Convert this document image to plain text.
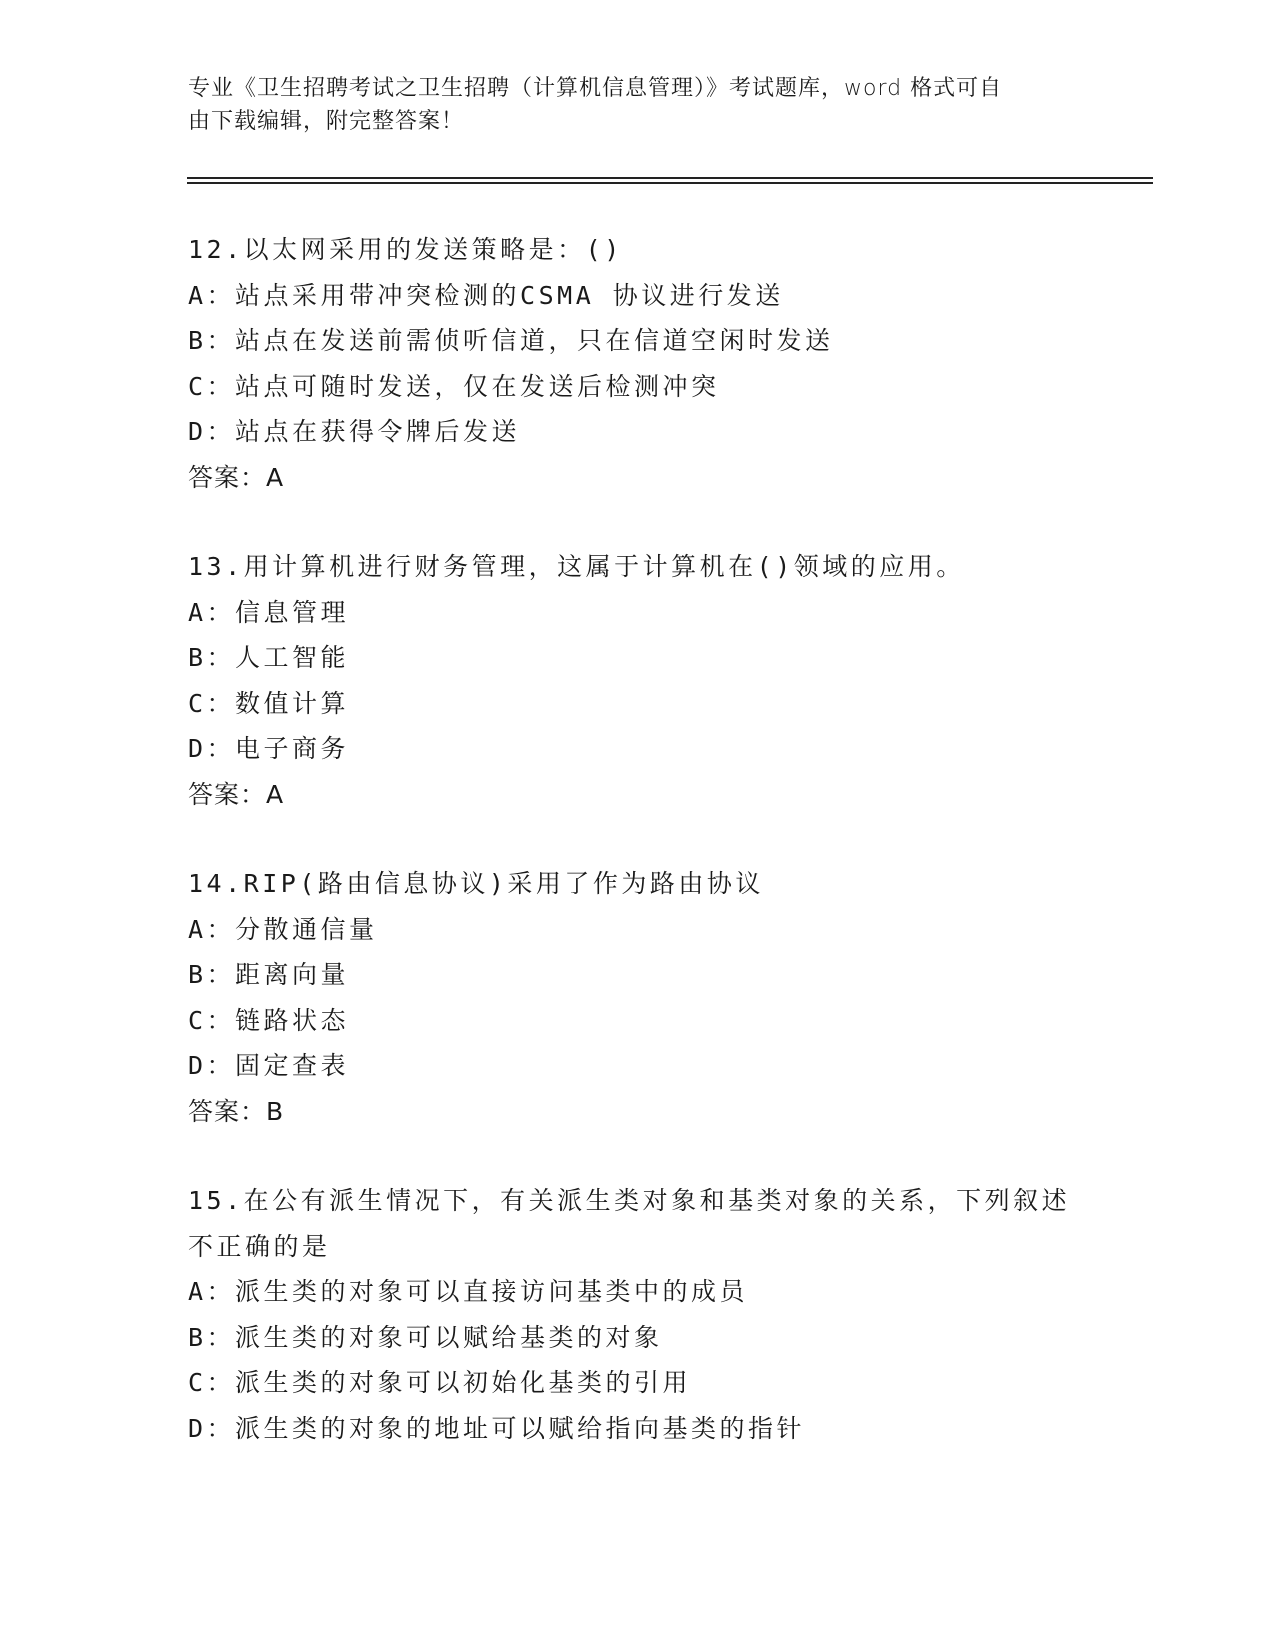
专业《卫生招聘考试之卫生招聘（计算机信息管理）》考试题库，word 格式可自
由下载编辑，附完整答案！
12.以太网采用的发送策略是：()
A：站点采用带冲突检测的CSMA 协议进行发送
B：站点在发送前需侦听信道，只在信道空闲时发送
C：站点可随时发送，仅在发送后检测冲突
D：站点在获得令牌后发送
答案：A
13.用计算机进行财务管理，这属于计算机在()领域的应用。
A：信息管理
B：人工智能
C：数值计算
D：电子商务
答案：A
14.RIP(路由信息协议)采用了作为路由协议
A：分散通信量
B：距离向量
C：链路状态
D：固定查表
答案：B
15.在公有派生情况下，有关派生类对象和基类对象的关系，下列叙述
不正确的是
A：派生类的对象可以直接访问基类中的成员
B：派生类的对象可以赋给基类的对象
C：派生类的对象可以初始化基类的引用
D：派生类的对象的地址可以赋给指向基类的指针
